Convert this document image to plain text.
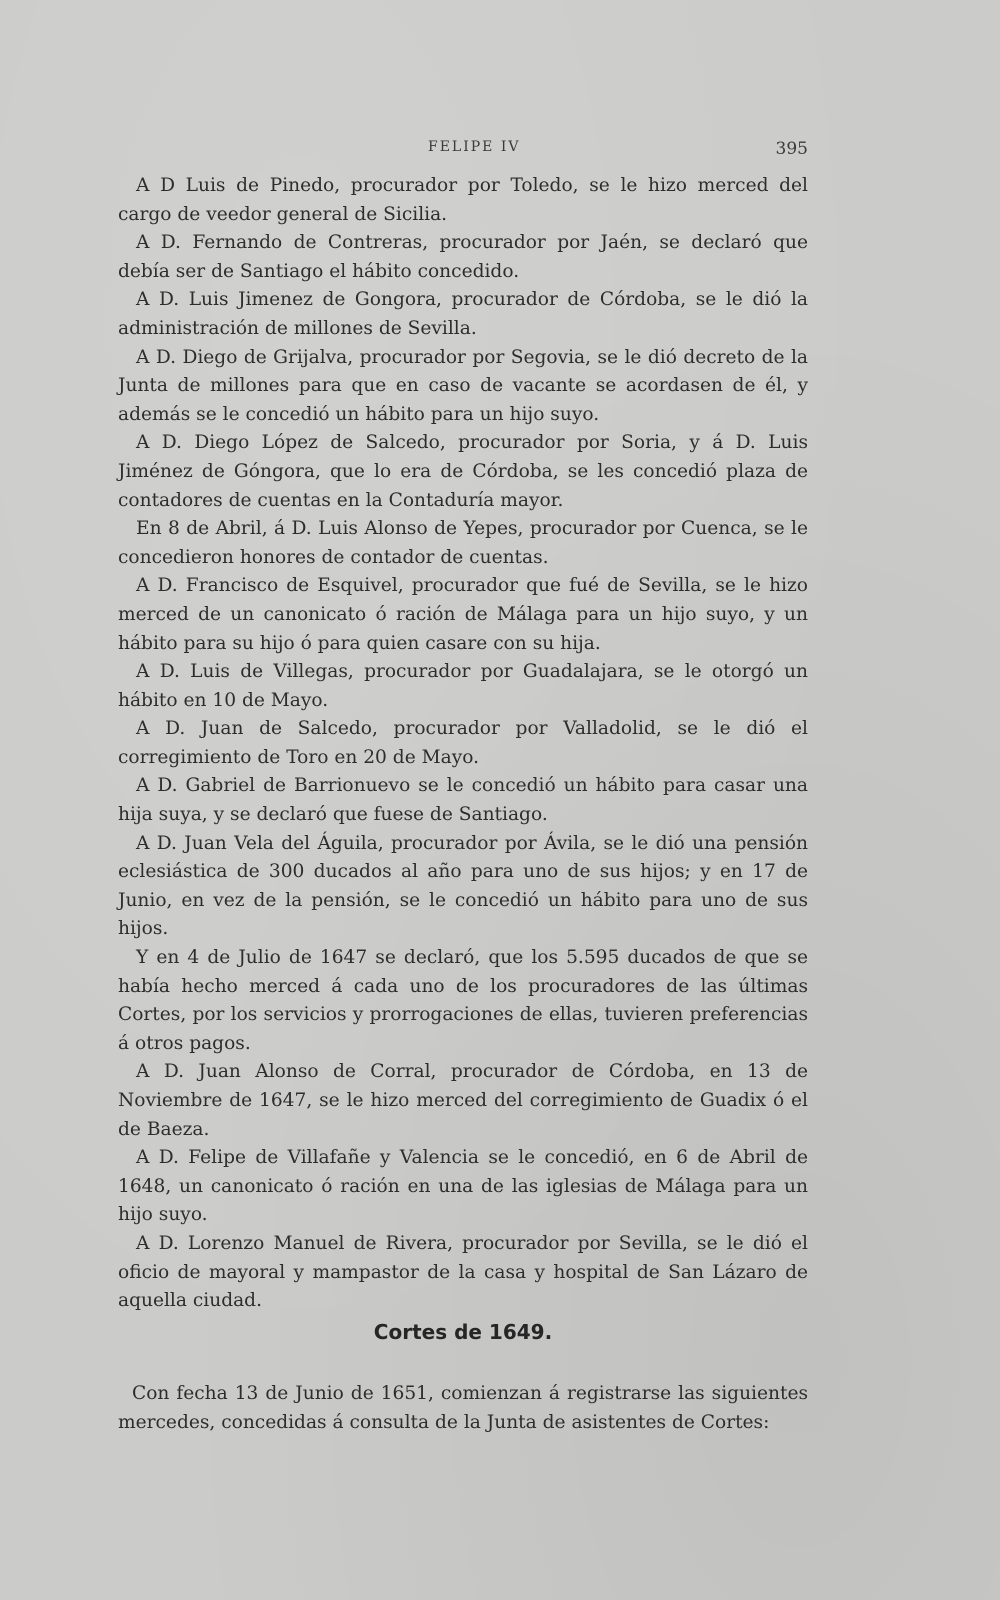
FELIPE IV	395

A D Luis de Pinedo, procurador por Toledo, se le hizo merced del cargo de veedor general de Sicilia.

A D. Fernando de Contreras, procurador por Jaén, se declaró que debía ser de Santiago el hábito concedido.

A D. Luis Jimenez de Gongora, procurador de Córdoba, se le dió la administración de millones de Sevilla.

A D. Diego de Grijalva, procurador por Segovia, se le dió decreto de la Junta de millones para que en caso de vacante se acordasen de él, y además se le concedió un hábito para un hijo suyo.

A D. Diego López de Salcedo, procurador por Soria, y á D. Luis Jiménez de Góngora, que lo era de Córdoba, se les concedió plaza de contadores de cuentas en la Contaduría mayor.

En 8 de Abril, á D. Luis Alonso de Yepes, procurador por Cuenca, se le concedieron honores de contador de cuentas.

A D. Francisco de Esquivel, procurador que fué de Sevilla, se le hizo merced de un canonicato ó ración de Málaga para un hijo suyo, y un hábito para su hijo ó para quien casare con su hija.

A D. Luis de Villegas, procurador por Guadalajara, se le otorgó un hábito en 10 de Mayo.

A D. Juan de Salcedo, procurador por Valladolid, se le dió el corregimiento de Toro en 20 de Mayo.

A D. Gabriel de Barrionuevo se le concedió un hábito para casar una hija suya, y se declaró que fuese de Santiago.

A D. Juan Vela del Águila, procurador por Ávila, se le dió una pensión eclesiástica de 300 ducados al año para uno de sus hijos; y en 17 de Junio, en vez de la pensión, se le concedió un hábito para uno de sus hijos.

Y en 4 de Julio de 1647 se declaró, que los 5.595 ducados de que se había hecho merced á cada uno de los procuradores de las últimas Cortes, por los servicios y prorrogaciones de ellas, tuvieren preferencias á otros pagos.

A D. Juan Alonso de Corral, procurador de Córdoba, en 13 de Noviembre de 1647, se le hizo merced del corregimiento de Guadix ó el de Baeza.

A D. Felipe de Villafañe y Valencia se le concedió, en 6 de Abril de 1648, un canonicato ó ración en una de las iglesias de Málaga para un hijo suyo.

A D. Lorenzo Manuel de Rivera, procurador por Sevilla, se le dió el oficio de mayoral y mampastor de la casa y hospital de San Lázaro de aquella ciudad.

Cortes de 1649.

Con fecha 13 de Junio de 1651, comienzan á registrarse las siguientes mercedes, concedidas á consulta de la Junta de asistentes de Cortes:
